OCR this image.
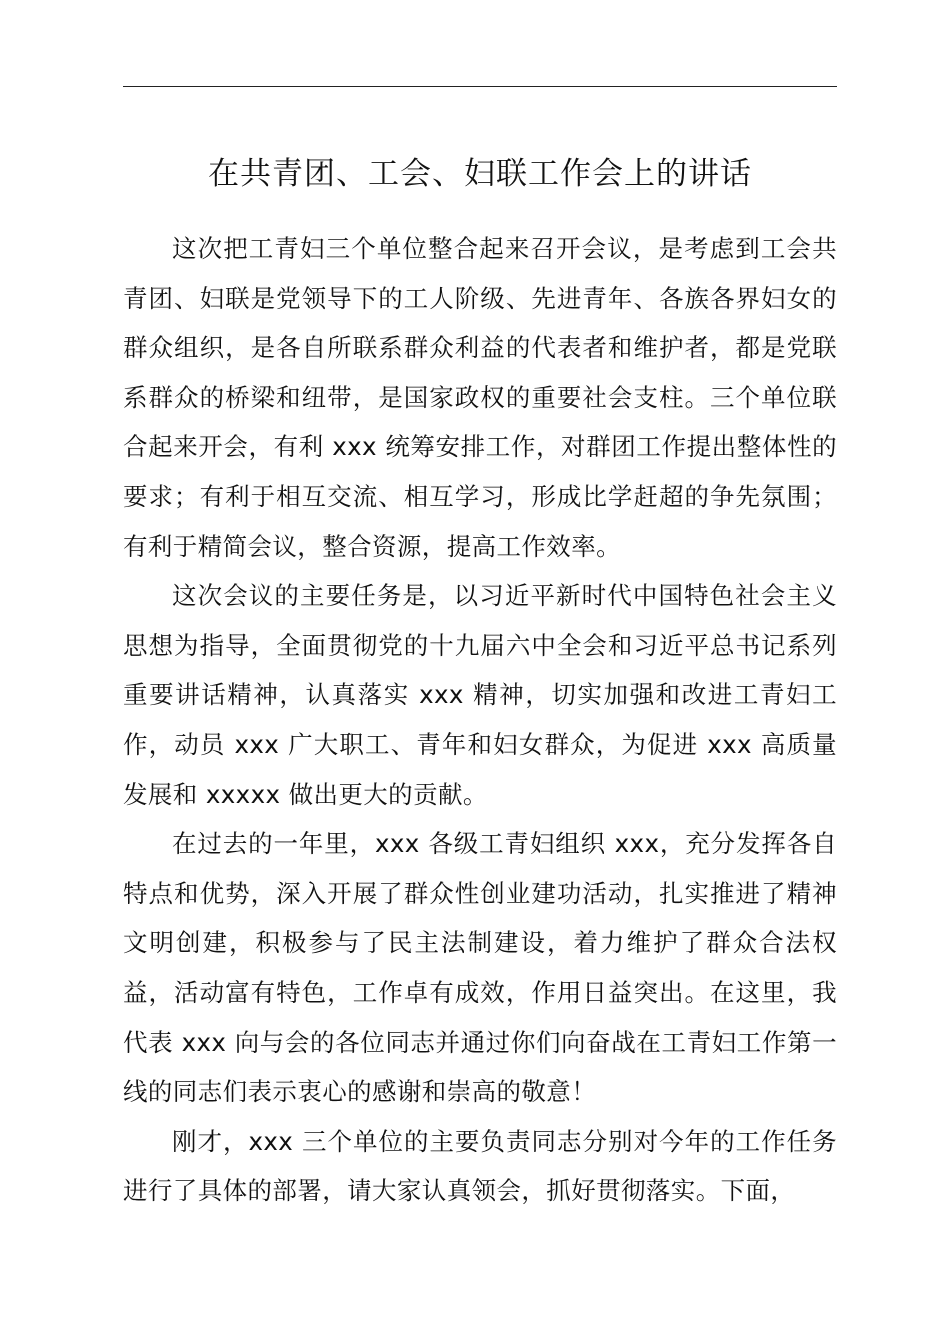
在共青团、工会、妇联工作会上的讲话

这次把工青妇三个单位整合起来召开会议，是考虑到工会共青团、妇联是党领导下的工人阶级、先进青年、各族各界妇女的群众组织，是各自所联系群众利益的代表者和维护者，都是党联系群众的桥梁和纽带，是国家政权的重要社会支柱。三个单位联合起来开会，有利 xxx 统筹安排工作，对群团工作提出整体性的要求；有利于相互交流、相互学习，形成比学赶超的争先氛围；有利于精简会议，整合资源，提高工作效率。

这次会议的主要任务是，以习近平新时代中国特色社会主义思想为指导，全面贯彻党的十九届六中全会和习近平总书记系列重要讲话精神，认真落实 xxx 精神，切实加强和改进工青妇工作，动员 xxx 广大职工、青年和妇女群众，为促进 xxx 高质量发展和 xxxxx 做出更大的贡献。

在过去的一年里，xxx 各级工青妇组织 xxx，充分发挥各自特点和优势，深入开展了群众性创业建功活动，扎实推进了精神文明创建，积极参与了民主法制建设，着力维护了群众合法权益，活动富有特色，工作卓有成效，作用日益突出。在这里，我代表 xxx 向与会的各位同志并通过你们向奋战在工青妇工作第一线的同志们表示衷心的感谢和崇高的敬意！

刚才，xxx 三个单位的主要负责同志分别对今年的工作任务进行了具体的部署，请大家认真领会，抓好贯彻落实。下面，
